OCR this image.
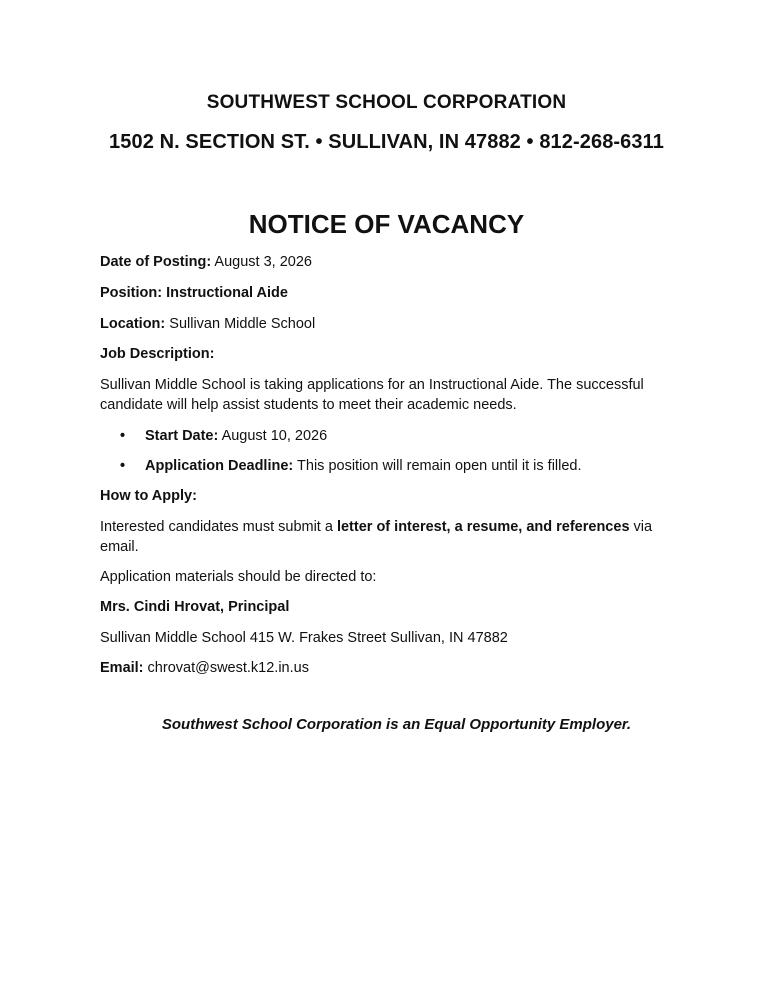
SOUTHWEST SCHOOL CORPORATION
1502 N. SECTION ST. • SULLIVAN, IN 47882 • 812-268-6311
NOTICE OF VACANCY
Date of Posting: August 3, 2026
Position: Instructional Aide
Location: Sullivan Middle School
Job Description:
Sullivan Middle School is taking applications for an Instructional Aide. The successful candidate will help assist students to meet their academic needs.
• Start Date: August 10, 2026
• Application Deadline: This position will remain open until it is filled.
How to Apply:
Interested candidates must submit a letter of interest, a resume, and references via email.
Application materials should be directed to:
Mrs. Cindi Hrovat, Principal
Sullivan Middle School 415 W. Frakes Street Sullivan, IN 47882
Email: chrovat@swest.k12.in.us
Southwest School Corporation is an Equal Opportunity Employer.
